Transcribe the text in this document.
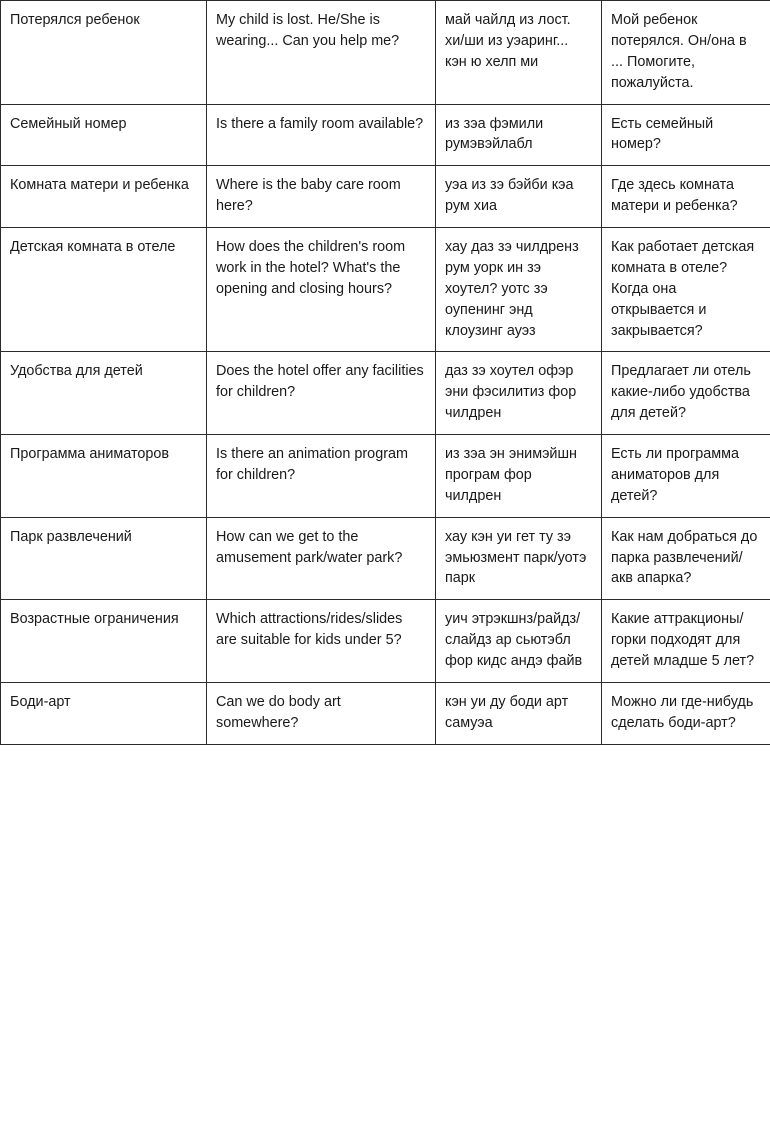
Потерялся ребенок	My child is lost. He/She is wearing... Can you help me?	май чайлд из лост. хи/ши из уэаринг... кэн ю хелп ми	Мой ребенок потерялся. Он/она в ... Помогите, пожалуйста.
Семейный номер	Is there a family room available?	из зэа фэмили румэвэйлабл	Есть семейный номер?
Комната матери и ребенка	Where is the baby care room here?	уэа из зэ бэйби кэа рум хиа	Где здесь комната матери и ребенка?
Детская комната в отеле	How does the children's room work in the hotel? What's the opening and closing hours?	хау даз зэ чилдренз рум уорк ин зэ хоутел? уотс зэ оупенинг энд клоузинг ауэз	Как работает детская комната в отеле? Когда она открывается и закрывается?
Удобства для детей	Does the hotel offer any facilities for children?	даз зэ хоутел офэр эни фэсилитиз фор чилдрен	Предлагает ли отель какие-либо удобства для детей?
Программа аниматоров	Is there an animation program for children?	из зэа эн энимэйшн програм фор чилдрен	Есть ли программа аниматоров для детей?
Парк развлечений	How can we get to the amusement park/water park?	хау кэн уи гет ту зэ эмьюзмент парк/уотэ парк	Как нам добраться до парка развлечений/акв апарка?
Возрастные ограничения	Which attractions/rides/slides are suitable for kids under 5?	уич этрэкшнз/райдз/слайдз ар сьютэбл фор кидс андэ файв	Какие аттракционы/горки подходят для детей младше 5 лет?
Боди-арт	Can we do body art somewhere?	кэн уи ду боди арт самуэа	Можно ли где-нибудь сделать боди-арт?
